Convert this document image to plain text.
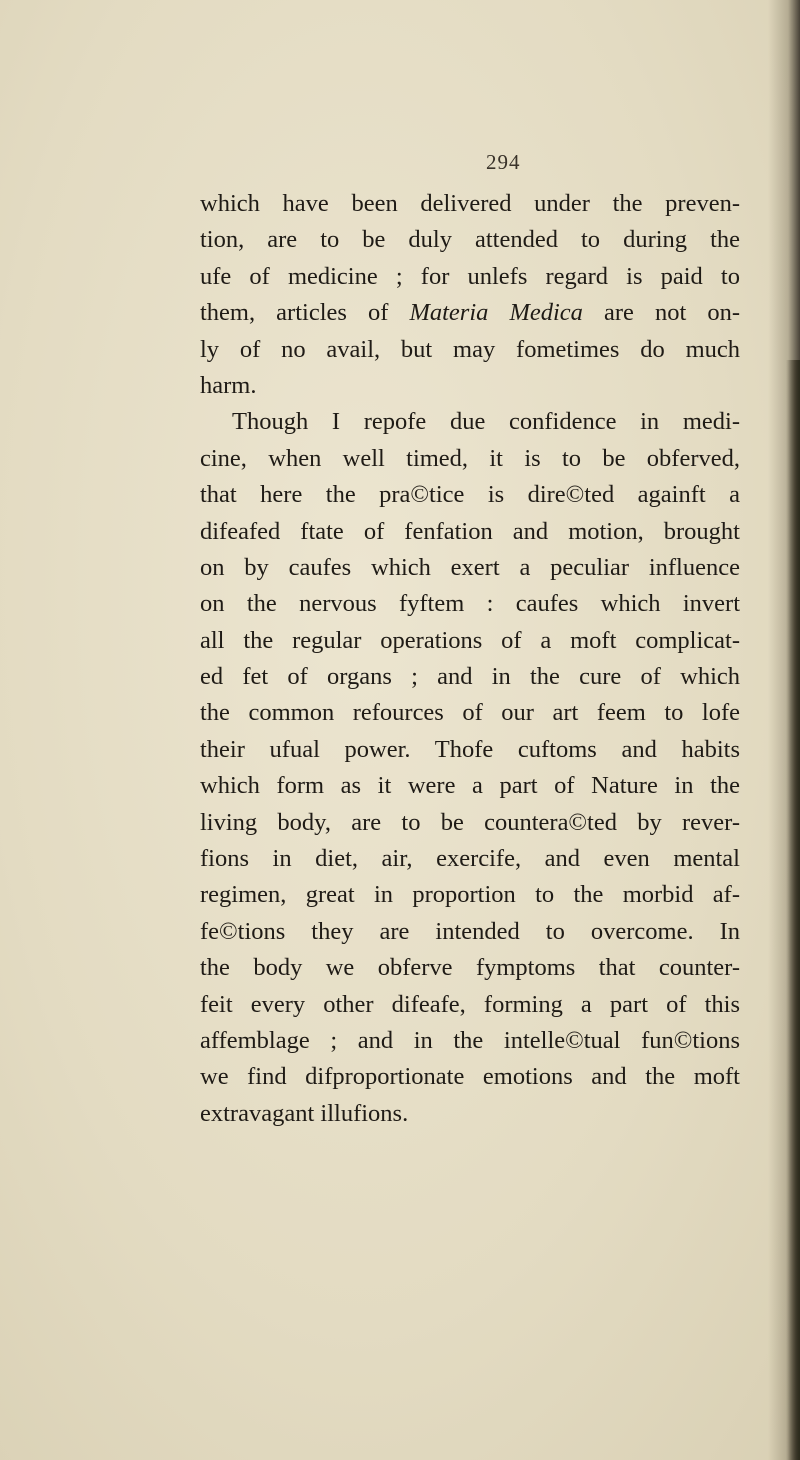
294
which have been delivered under the preven-
tion, are to be duly attended to during the
ufe of medicine ; for unlefs regard is paid to
them, articles of Materia Medica are not on-
ly of no avail, but may fometimes do much
harm.
Though I repofe due confidence in medi-
cine, when well timed, it is to be obferved,
that here the pra©tice is dire©ted againft a
difeafed ftate of fenfation and motion, brought
on by caufes which exert a peculiar influence
on the nervous fyftem : caufes which invert
all the regular operations of a moft complicat-
ed fet of organs ; and in the cure of which
the common refources of our art feem to lofe
their ufual power. Thofe cuftoms and habits
which form as it were a part of Nature in the
living body, are to be countera©ted by rever-
fions in diet, air, exercife, and even mental
regimen, great in proportion to the morbid af-
fe©tions they are intended to overcome. In
the body we obferve fymptoms that counter-
feit every other difeafe, forming a part of this
affemblage ; and in the intelle©tual fun©tions
we find difproportionate emotions and the moft
extravagant illufions.
